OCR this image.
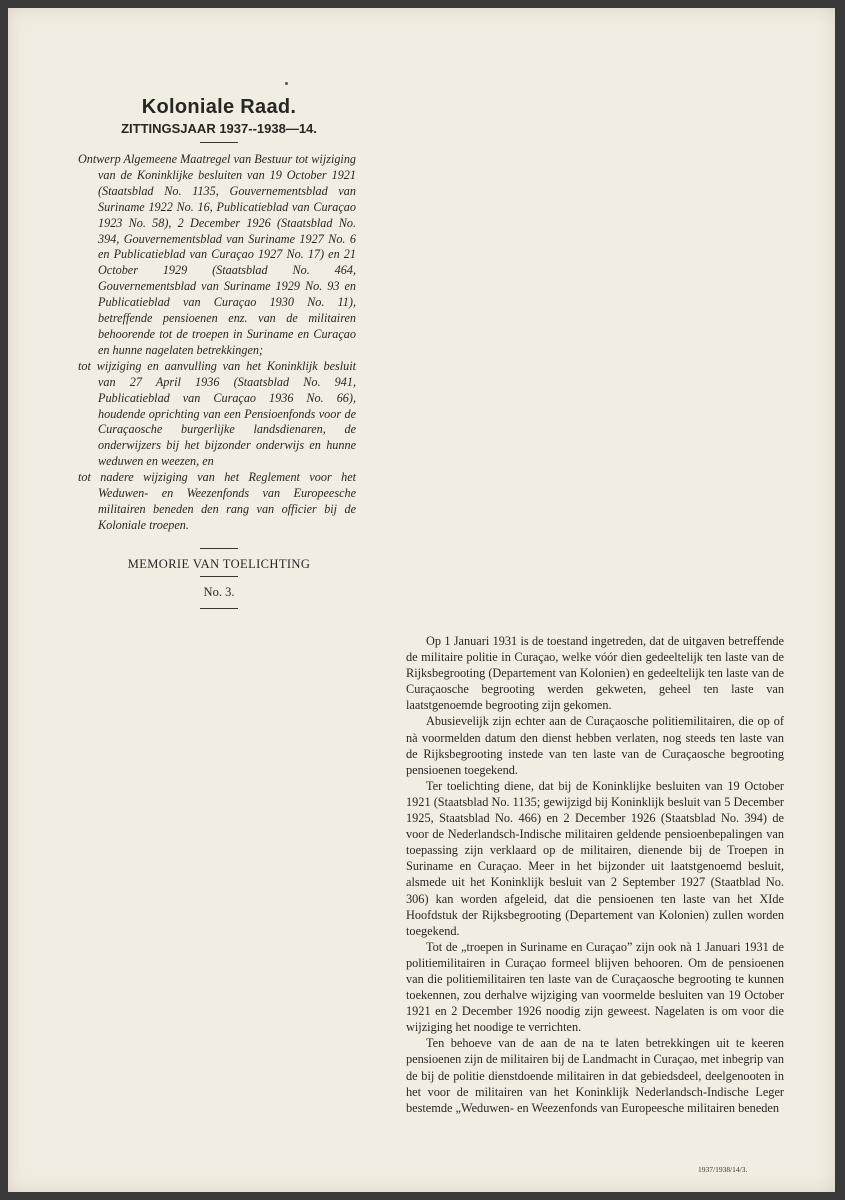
Koloniale Raad.
ZITTINGSJAAR 1937--1938—14.

Ontwerp Algemeene Maatregel van Bestuur tot wijziging van de Koninklijke besluiten van 19 October 1921 (Staatsblad No. 1135, Gouvernementsblad van Suriname 1922 No. 16, Publicatieblad van Curaçao 1923 No. 58), 2 December 1926 (Staatsblad No. 394, Gouvernementsblad van Suriname 1927 No. 6 en Publicatieblad van Curaçao 1927 No. 17) en 21 October 1929 (Staatsblad No. 464, Gouvernementsblad van Suriname 1929 No. 93 en Publicatieblad van Curaçao 1930 No. 11), betreffende pensioenen enz. van de militairen behoorende tot de troepen in Suriname en Curaçao en hunne nagelaten betrekkingen;

tot wijziging en aanvulling van het Koninklijk besluit van 27 April 1936 (Staatsblad No. 941, Publicatieblad van Curaçao 1936 No. 66), houdende oprichting van een Pensioenfonds voor de Curaçaosche burgerlijke landsdienaren, de onderwijzers bij het bijzonder onderwijs en hunne weduwen en weezen, en

tot nadere wijziging van het Reglement voor het Weduwen- en Weezenfonds van Europeesche militairen beneden den rang van officier bij de Koloniale troepen.

MEMORIE VAN TOELICHTING
No. 3.

Op 1 Januari 1931 is de toestand ingetreden, dat de uitgaven betreffende de militaire politie in Curaçao, welke vóór dien gedeeltelijk ten laste van de Rijksbegrooting (Departement van Kolonien) en gedeeltelijk ten laste van de Curaçaosche begrooting werden gekweten, geheel ten laste van laatstgenoemde begrooting zijn gekomen.

Abusievelijk zijn echter aan de Curaçaosche politiemilitairen, die op of nà voormelden datum den dienst hebben verlaten, nog steeds ten laste van de Rijksbegrooting instede van ten laste van de Curaçaosche begrooting pensioenen toegekend.

Ter toelichting diene, dat bij de Koninklijke besluiten van 19 October 1921 (Staatsblad No. 1135; gewijzigd bij Koninklijk besluit van 5 December 1925, Staatsblad No. 466) en 2 December 1926 (Staatsblad No. 394) de voor de Nederlandsch-Indische militairen geldende pensioenbepalingen van toepassing zijn verklaard op de militairen, dienende bij de Troepen in Suriname en Curaçao. Meer in het bijzonder uit laatstgenoemd besluit, alsmede uit het Koninklijk besluit van 2 September 1927 (Staatblad No. 306) kan worden afgeleid, dat die pensioenen ten laste van het XIde Hoofdstuk der Rijksbegrooting (Departement van Kolonien) zullen worden toegekend.

Tot de „troepen in Suriname en Curaçao” zijn ook nà 1 Januari 1931 de politiemilitairen in Curaçao formeel blijven behooren. Om de pensioenen van die politiemilitairen ten laste van de Curaçaosche begrooting te kunnen toekennen, zou derhalve wijziging van voormelde besluiten van 19 October 1921 en 2 December 1926 noodig zijn geweest. Nagelaten is om voor die wijziging het noodige te verrichten.

Ten behoeve van de aan de na te laten betrekkingen uit te keeren pensioenen zijn de militairen bij de Landmacht in Curaçao, met inbegrip van de bij de politie dienstdoende militairen in dat gebiedsdeel, deelgenooten in het voor de militairen van het Koninklijk Nederlandsch-Indische Leger bestemde „Weduwen- en Weezenfonds van Europeesche militairen beneden

1937/1938/14/3.
